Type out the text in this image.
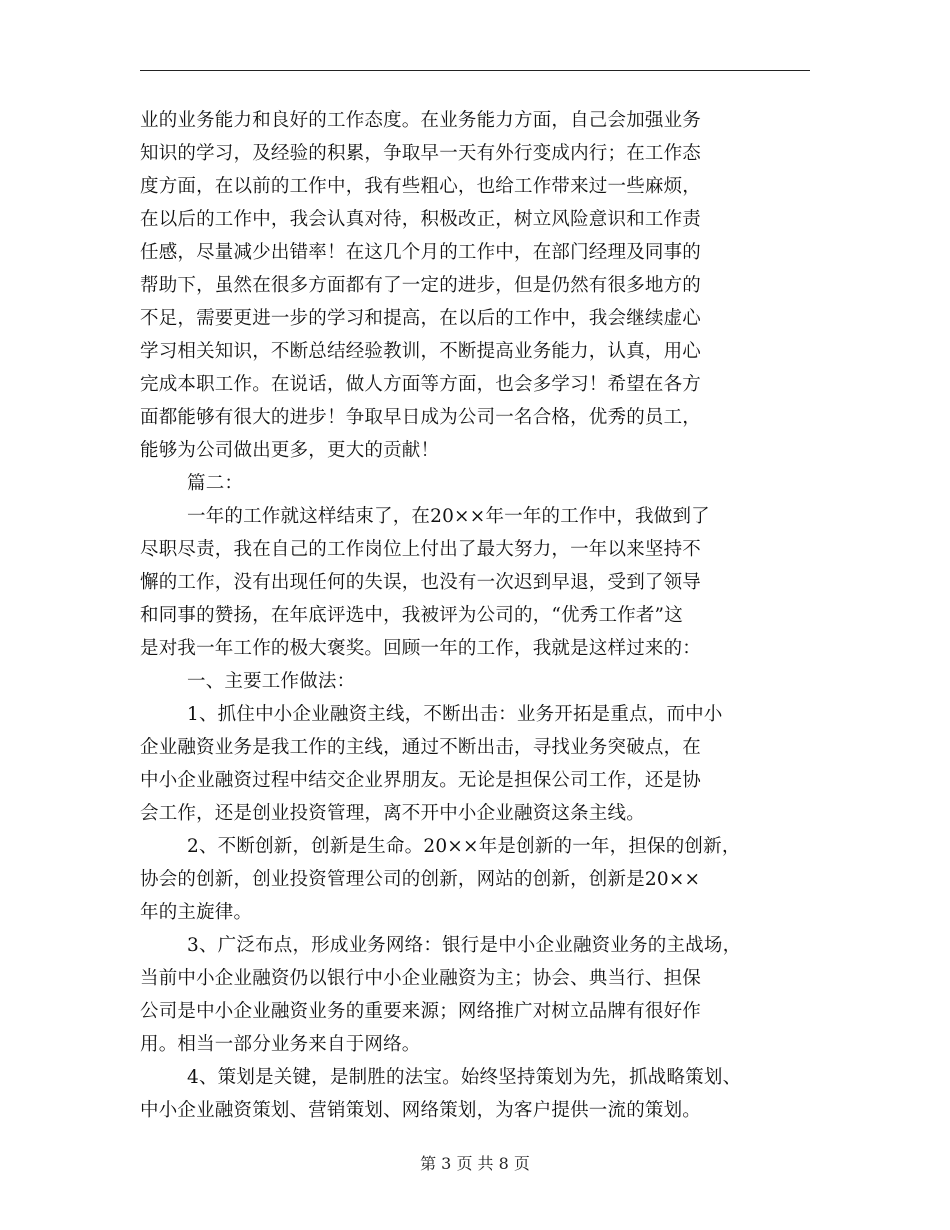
业的业务能力和良好的工作态度。在业务能力方面，自己会加强业务
知识的学习，及经验的积累，争取早一天有外行变成内行；在工作态
度方面，在以前的工作中，我有些粗心，也给工作带来过一些麻烦，
在以后的工作中，我会认真对待，积极改正，树立风险意识和工作责
任感，尽量减少出错率！在这几个月的工作中，在部门经理及同事的
帮助下，虽然在很多方面都有了一定的进步，但是仍然有很多地方的
不足，需要更进一步的学习和提高，在以后的工作中，我会继续虚心
学习相关知识，不断总结经验教训，不断提高业务能力，认真，用心
完成本职工作。在说话，做人方面等方面，也会多学习！希望在各方
面都能够有很大的进步！争取早日成为公司一名合格，优秀的员工，
能够为公司做出更多，更大的贡献！
篇二：
一年的工作就这样结束了，在20××年一年的工作中，我做到了
尽职尽责，我在自己的工作岗位上付出了最大努力，一年以来坚持不
懈的工作，没有出现任何的失误，也没有一次迟到早退，受到了领导
和同事的赞扬，在年底评选中，我被评为公司的，“优秀工作者”这
是对我一年工作的极大褒奖。回顾一年的工作，我就是这样过来的：
一、主要工作做法：
1、抓住中小企业融资主线，不断出击：业务开拓是重点，而中小
企业融资业务是我工作的主线，通过不断出击，寻找业务突破点，在
中小企业融资过程中结交企业界朋友。无论是担保公司工作，还是协
会工作，还是创业投资管理，离不开中小企业融资这条主线。
2、不断创新，创新是生命。20××年是创新的一年，担保的创新，
协会的创新，创业投资管理公司的创新，网站的创新，创新是20××
年的主旋律。
3、广泛布点，形成业务网络：银行是中小企业融资业务的主战场，
当前中小企业融资仍以银行中小企业融资为主；协会、典当行、担保
公司是中小企业融资业务的重要来源；网络推广对树立品牌有很好作
用。相当一部分业务来自于网络。
4、策划是关键，是制胜的法宝。始终坚持策划为先，抓战略策划、
中小企业融资策划、营销策划、网络策划，为客户提供一流的策划。
第 3 页 共 8 页
